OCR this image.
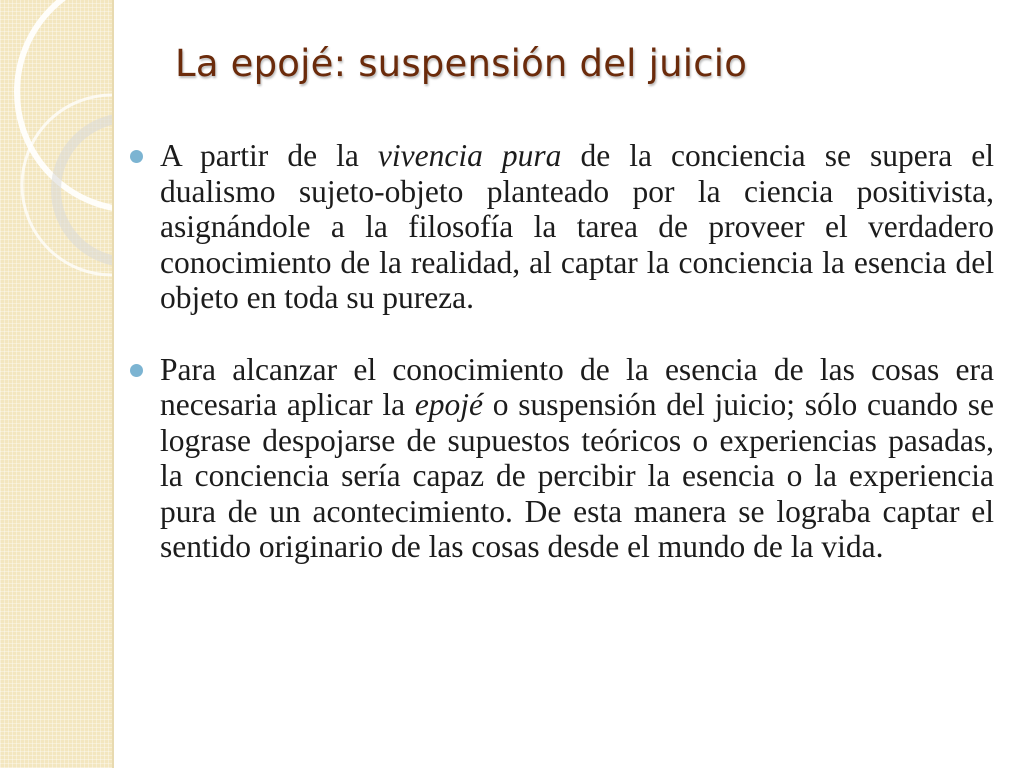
La epojé: suspensión del juicio
A partir de la vivencia pura de la conciencia se supera el dualismo sujeto-objeto planteado por la ciencia positivista, asignándole a la filosofía la tarea de proveer el verdadero conocimiento de la realidad, al captar la conciencia la esencia del objeto en toda su pureza.
Para alcanzar el conocimiento de la esencia de las cosas era necesaria aplicar la epojé o suspensión del juicio; sólo cuando se lograse despojarse de supuestos teóricos o experiencias pasadas, la conciencia sería capaz de percibir la esencia o la experiencia pura de un acontecimiento. De esta manera se lograba captar el sentido originario de las cosas desde el mundo de la vida.
